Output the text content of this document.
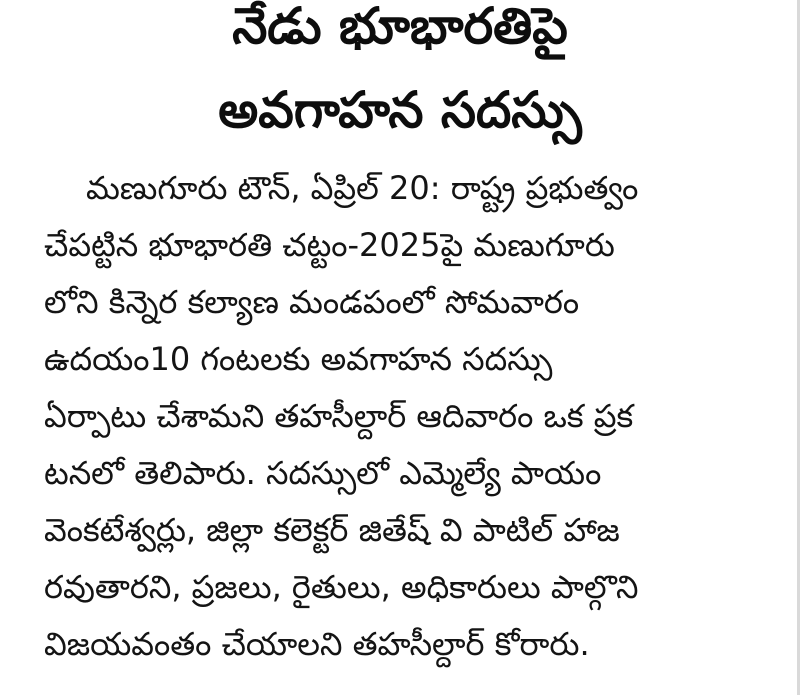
నేడు భూభారతిపై
అవగాహన సదస్సు
మణుగూరు టౌన్, ఏప్రిల్ 20: రాష్ట్ర ప్రభుత్వం
చేపట్టిన భూభారతి చట్టం-2025పై మణుగూరు
లోని కిన్నెర కల్యాణ మండపంలో సోమవారం
ఉదయం10 గంటలకు అవగాహన సదస్సు
ఏర్పాటు చేశామని తహసీల్దార్ ఆదివారం ఒక ప్రక
టనలో తెలిపారు. సదస్సులో ఎమ్మెల్యే పాయం
వెంకటేశ్వర్లు, జిల్లా కలెక్టర్ జితేష్ వి పాటిల్ హాజ
రవుతారని, ప్రజలు, రైతులు, అధికారులు పాల్గొని
విజయవంతం చేయాలని తహసీల్దార్ కోరారు.
